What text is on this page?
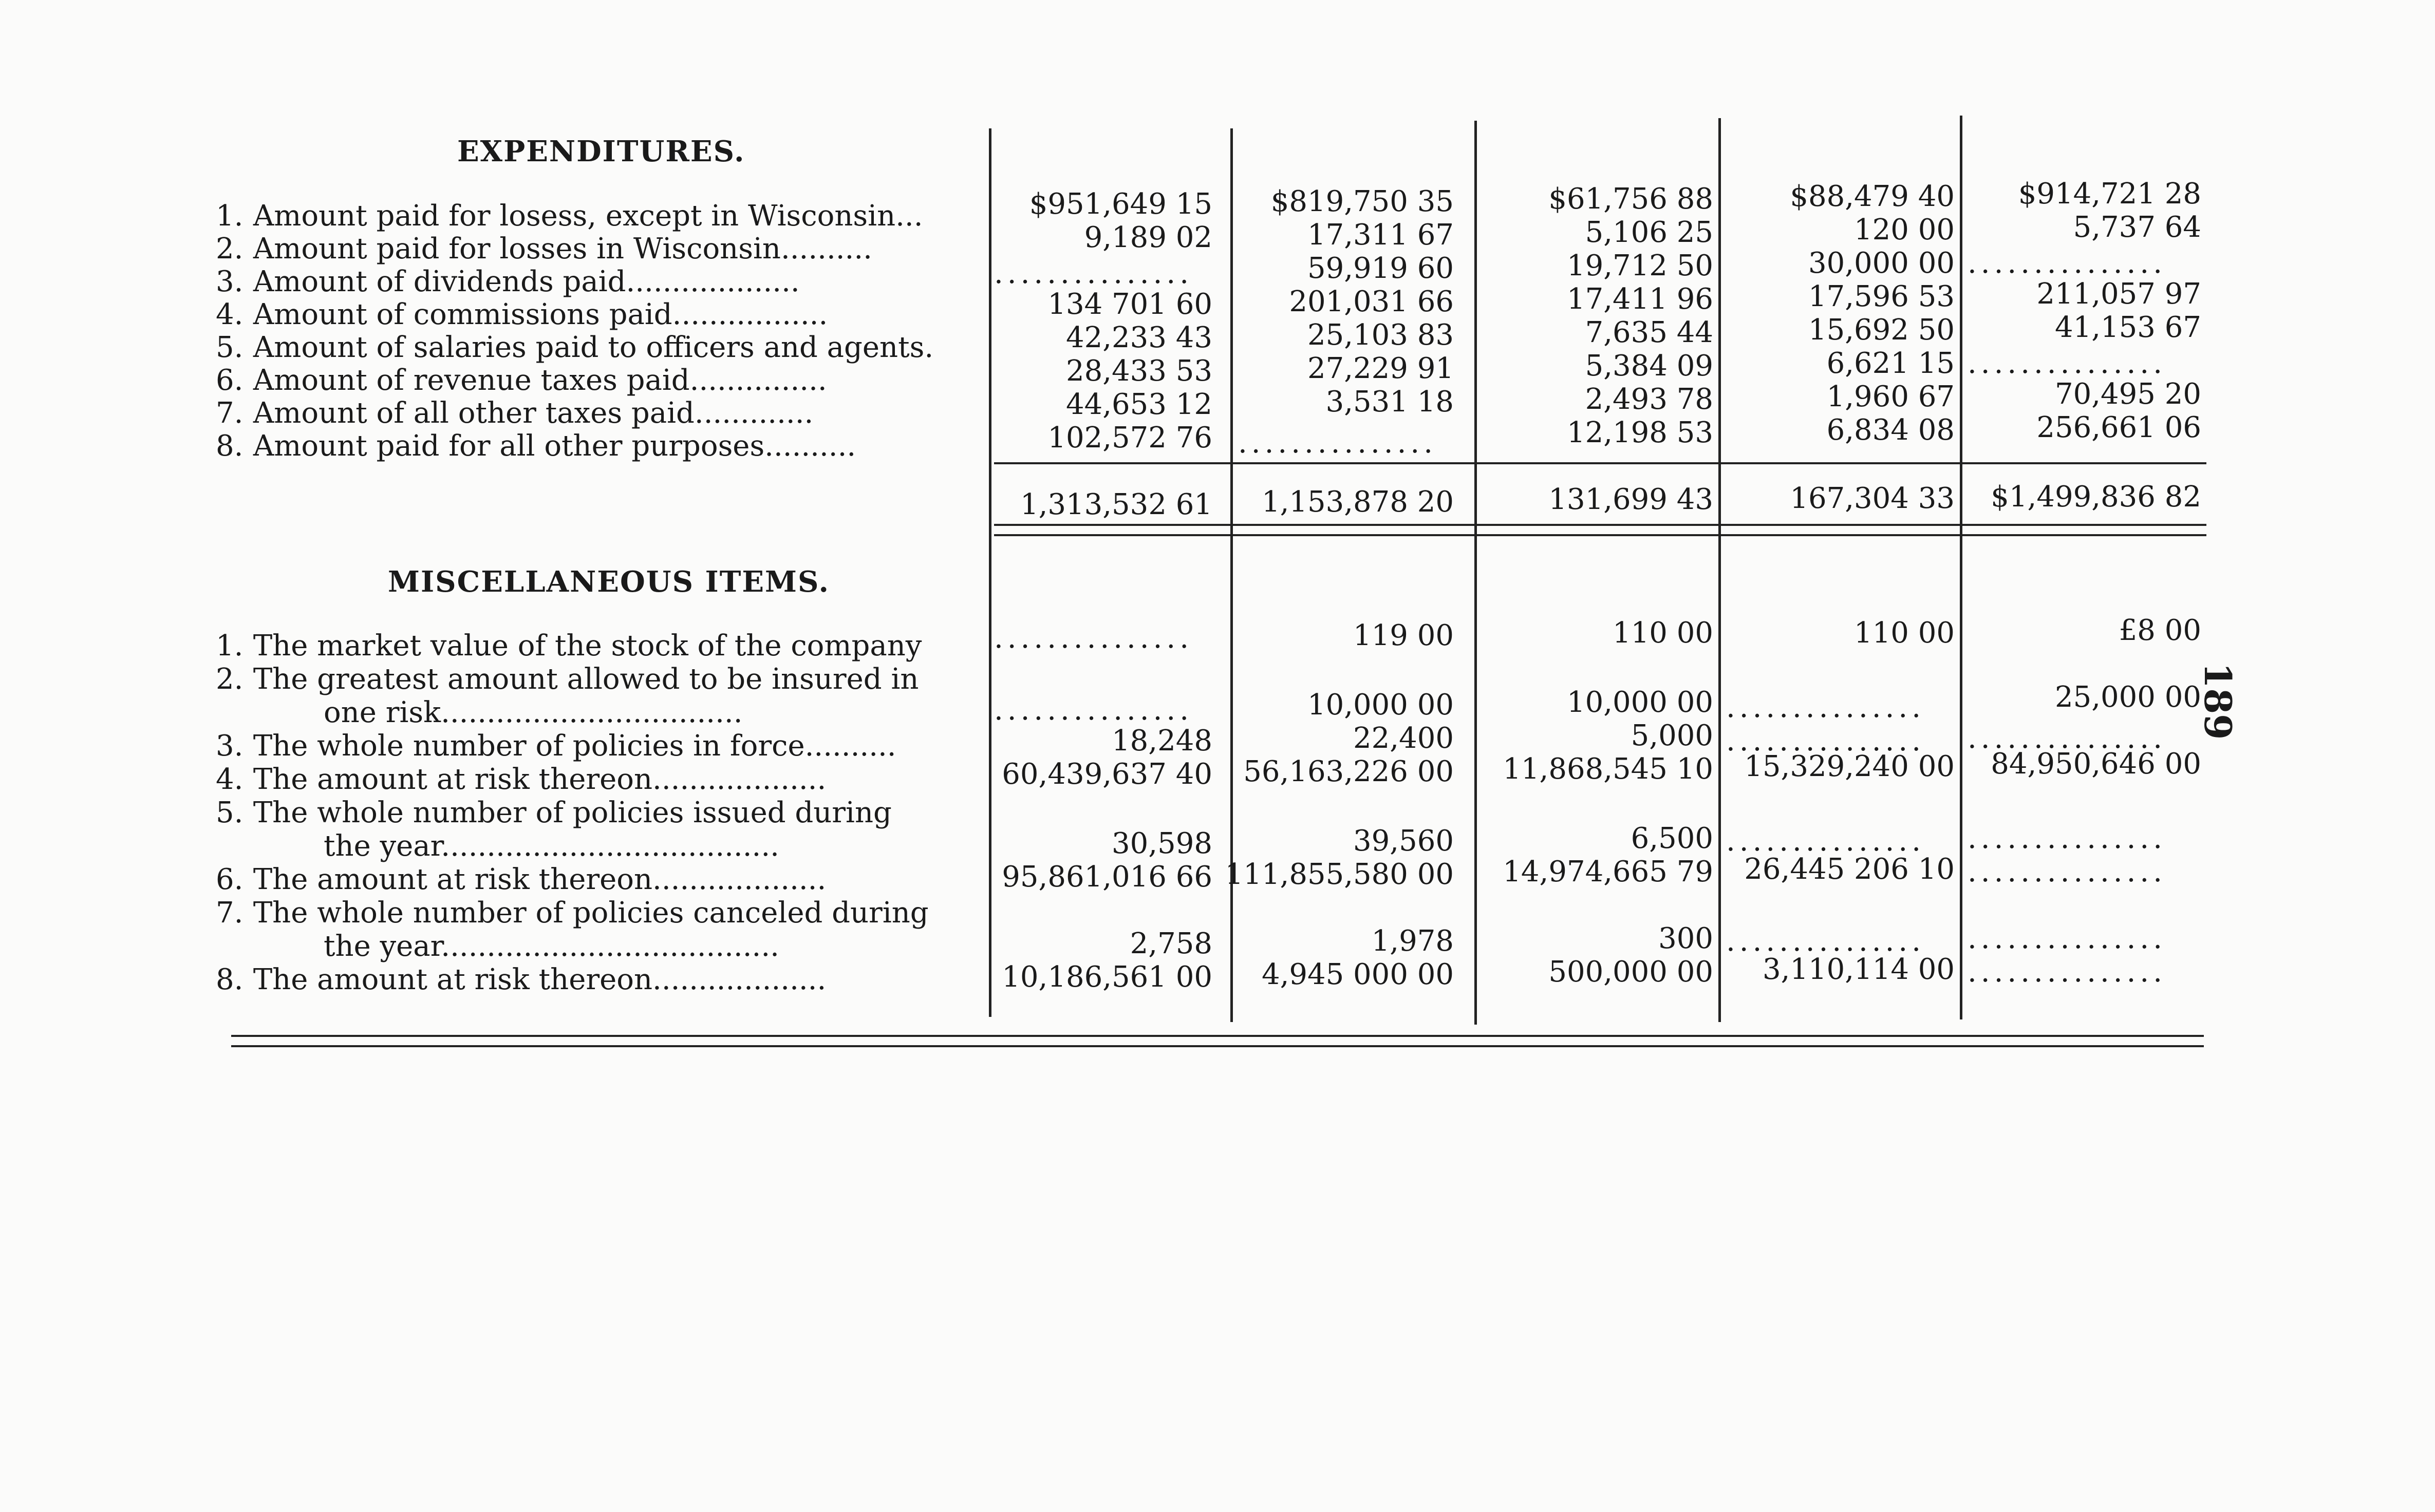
EXPENDITURES.
MISCELLANEOUS ITEMS.
1. Amount paid for losess, except in Wisconsin...
2. Amount paid for losses in Wisconsin..........
3. Amount of dividends paid...................
4. Amount of commissions paid.................
5. Amount of salaries paid to officers and agents.
6. Amount of revenue taxes paid...............
7. Amount of all other taxes paid.............
8. Amount paid for all other purposes..........
$951,649 15
9,189 02
...............
134 701 60
42,233 43
28,433 53
44,653 12
102,572 76
$819,750 35
17,311 67
59,919 60
201,031 66
25,103 83
27,229 91
3,531 18
...............
$61,756 88
5,106 25
19,712 50
17,411 96
7,635 44
5,384 09
2,493 78
12,198 53
$88,479 40
120 00
30,000 00
17,596 53
15,692 50
6,621 15
1,960 67
6,834 08
$914,721 28
5,737 64
...............
211,057 97
41,153 67
...............
70,495 20
256,661 06
1,313,532 61 1,153,878 20	131,699 43	167,304 33 $1,499,836 82
1. The market value of the stock of the company
2. The greatest amount allowed to be insured in
one risk.................................
3. The whole number of policies in force..........
4. The amount at risk thereon...................
5. The whole number of policies issued during
the year.....................................
6. The amount at risk thereon...................
7. The whole number of policies canceled during
the year.....................................
8. The amount at risk thereon...................
...............
...............
18,248
60,439,637 40
30,598
95,861,016 66
2,758
10,186,561 00
119 00
10,000 00
22,400
56,163,226 00
39,560
111,855,580 00
1,978
4,945 000 00
110 00
10,000 00
5,000
11,868,545 10
6,500
14,974,665 79
300
500,000 00
110 00
...............
...............
15,329,240 00
...............
26,445 206 10
...............
3,110,114 00
£8 00
25,000 00
...............
84,950,646 00
...............
...............
...............
...............
189
